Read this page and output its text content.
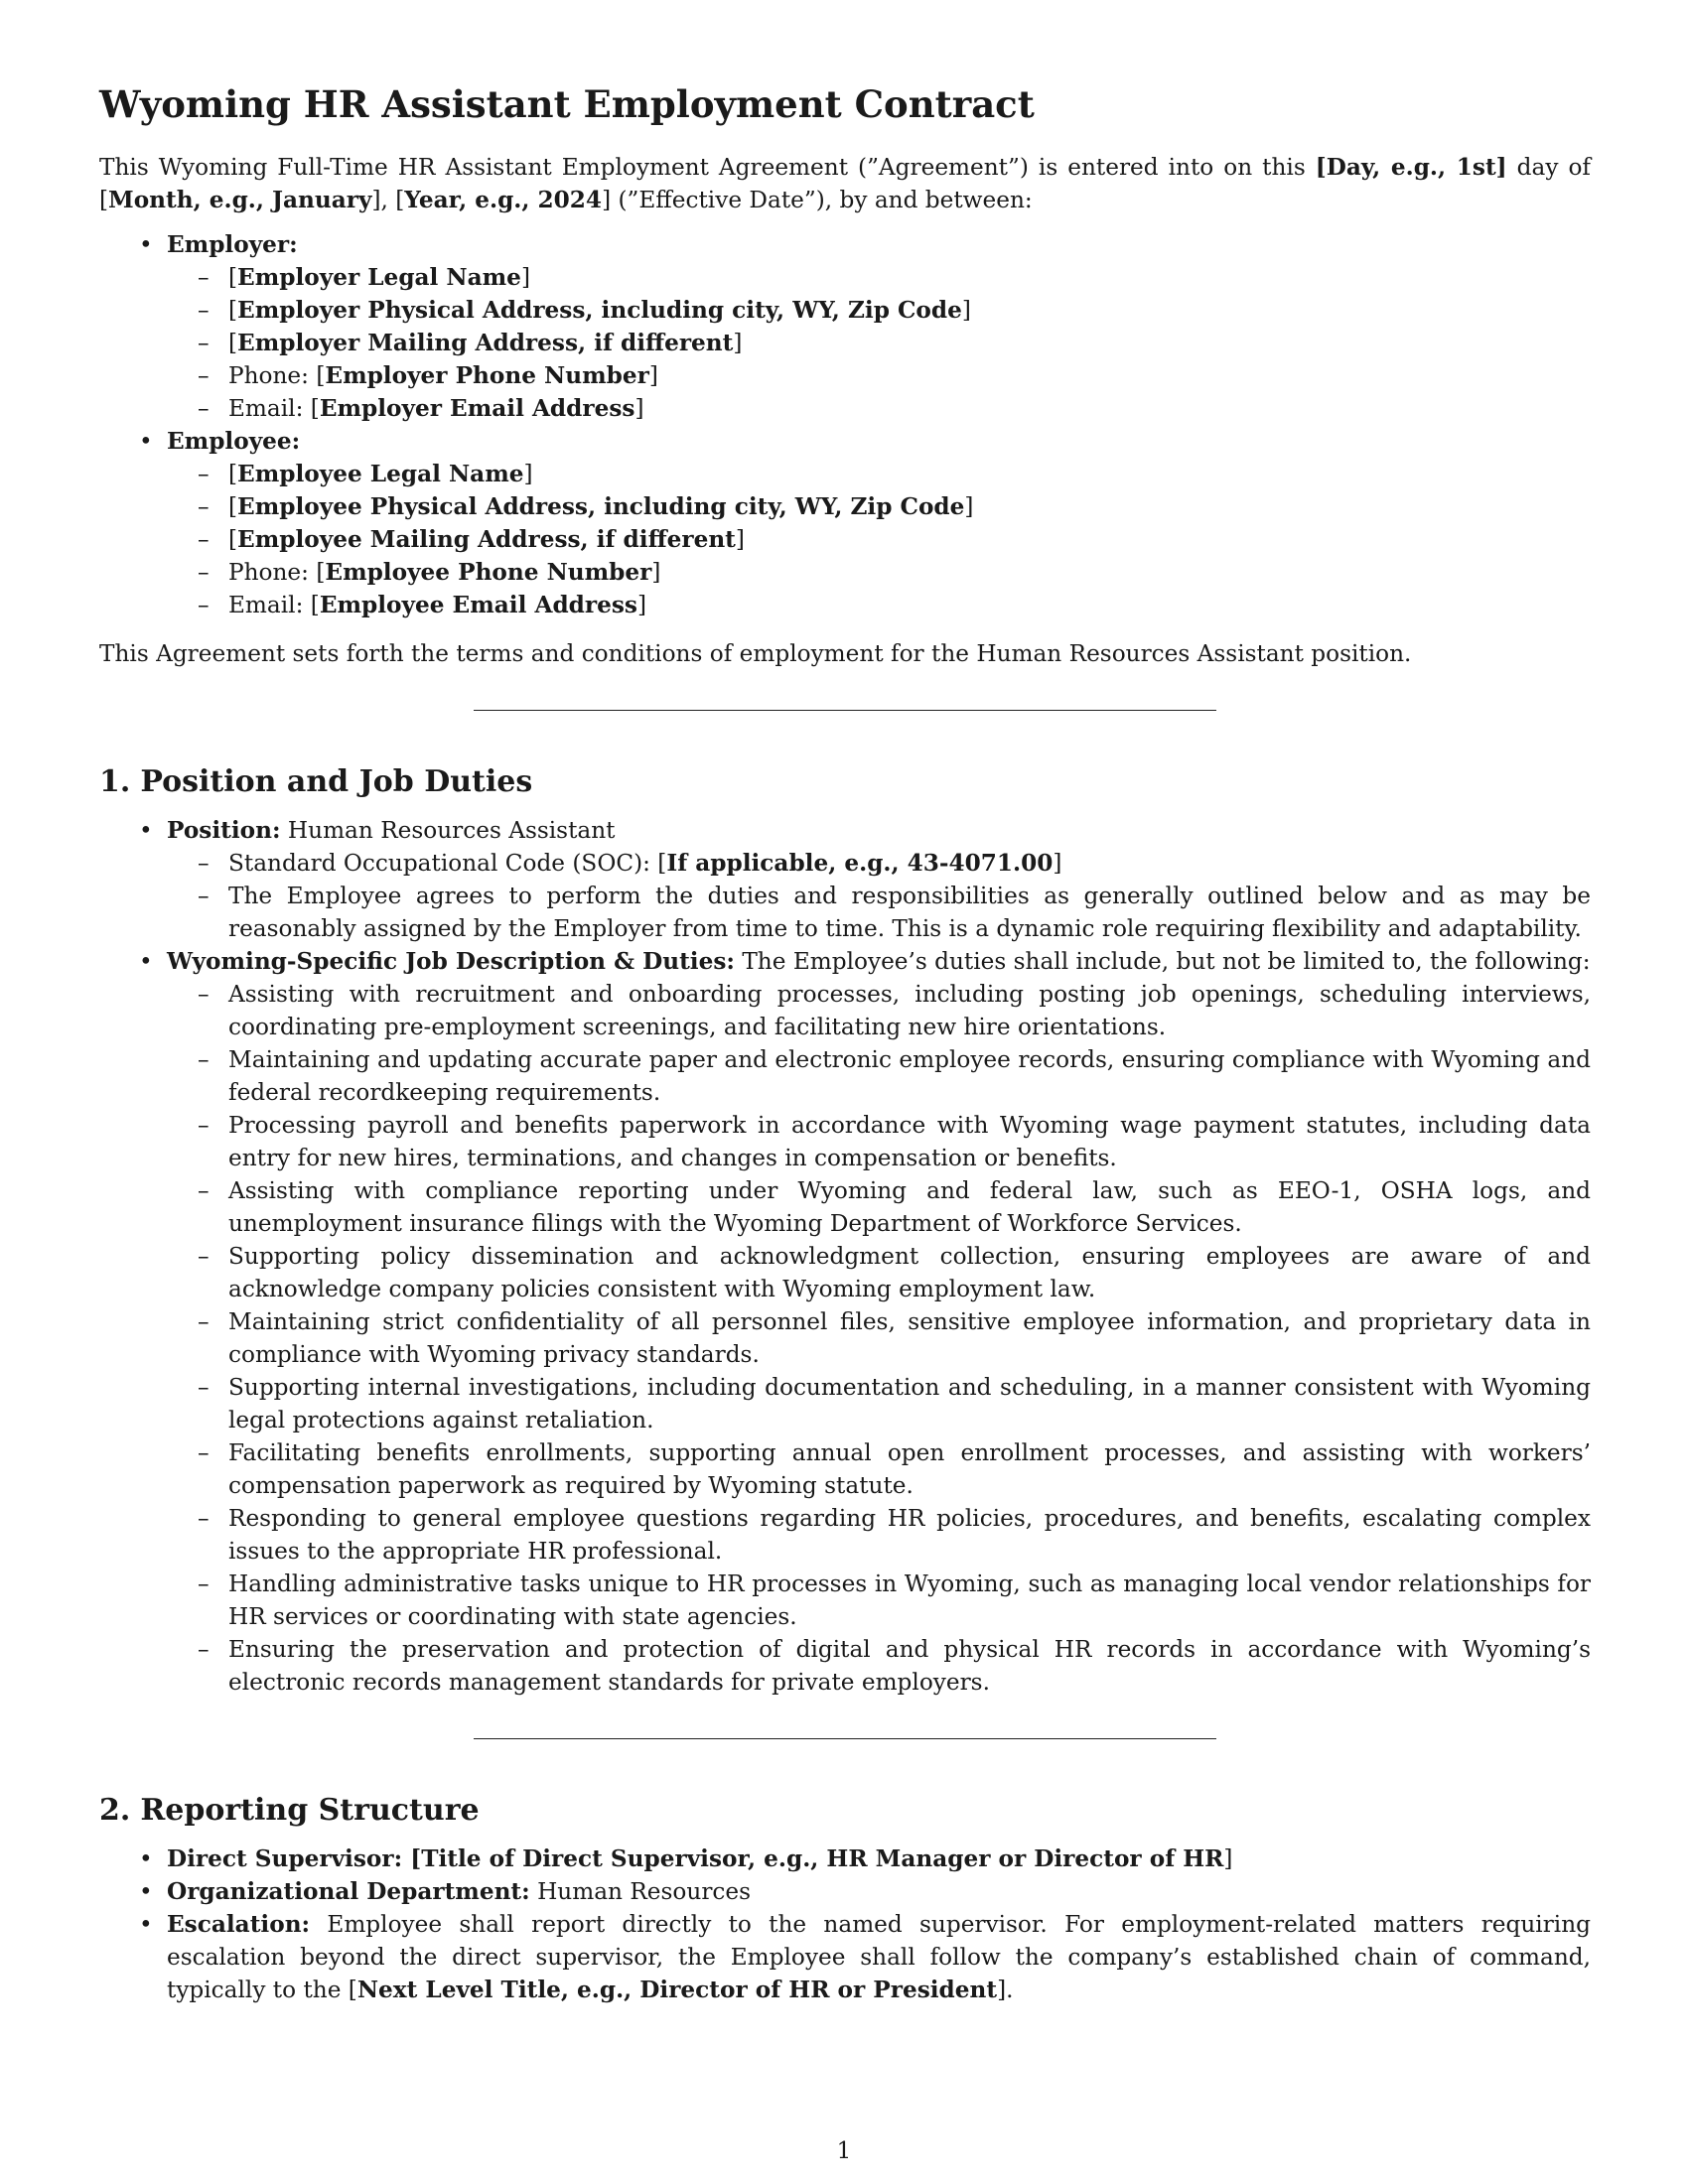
Wyoming HR Assistant Employment Contract

This Wyoming Full-Time HR Assistant Employment Agreement (”Agreement”) is entered into on this [Day, e.g., 1st] day of [Month, e.g., January], [Year, e.g., 2024] (”Effective Date”), by and between:

• Employer:
– [Employer Legal Name]
– [Employer Physical Address, including city, WY, Zip Code]
– [Employer Mailing Address, if different]
– Phone: [Employer Phone Number]
– Email: [Employer Email Address]
• Employee:
– [Employee Legal Name]
– [Employee Physical Address, including city, WY, Zip Code]
– [Employee Mailing Address, if different]
– Phone: [Employee Phone Number]
– Email: [Employee Email Address]

This Agreement sets forth the terms and conditions of employment for the Human Resources Assistant position.

1. Position and Job Duties
• Position: Human Resources Assistant
– Standard Occupational Code (SOC): [If applicable, e.g., 43-4071.00]
– The Employee agrees to perform the duties and responsibilities as generally outlined below and as may be reasonably assigned by the Employer from time to time. This is a dynamic role requiring flexibility and adaptability.
• Wyoming-Specific Job Description & Duties: The Employee’s duties shall include, but not be limited to, the following:
– Assisting with recruitment and onboarding processes, including posting job openings, scheduling interviews, coordinating pre-employment screenings, and facilitating new hire orientations.
– Maintaining and updating accurate paper and electronic employee records, ensuring compliance with Wyoming and federal recordkeeping requirements.
– Processing payroll and benefits paperwork in accordance with Wyoming wage payment statutes, including data entry for new hires, terminations, and changes in compensation or benefits.
– Assisting with compliance reporting under Wyoming and federal law, such as EEO-1, OSHA logs, and unemployment insurance filings with the Wyoming Department of Workforce Services.
– Supporting policy dissemination and acknowledgment collection, ensuring employees are aware of and acknowledge company policies consistent with Wyoming employment law.
– Maintaining strict confidentiality of all personnel files, sensitive employee information, and proprietary data in compliance with Wyoming privacy standards.
– Supporting internal investigations, including documentation and scheduling, in a manner consistent with Wyoming legal protections against retaliation.
– Facilitating benefits enrollments, supporting annual open enrollment processes, and assisting with workers’ compensation paperwork as required by Wyoming statute.
– Responding to general employee questions regarding HR policies, procedures, and benefits, escalating complex issues to the appropriate HR professional.
– Handling administrative tasks unique to HR processes in Wyoming, such as managing local vendor relationships for HR services or coordinating with state agencies.
– Ensuring the preservation and protection of digital and physical HR records in accordance with Wyoming’s electronic records management standards for private employers.
2. Reporting Structure
• Direct Supervisor: [Title of Direct Supervisor, e.g., HR Manager or Director of HR]
• Organizational Department: Human Resources
• Escalation: Employee shall report directly to the named supervisor. For employment-related matters requiring escalation beyond the direct supervisor, the Employee shall follow the company’s established chain of command, typically to the [Next Level Title, e.g., Director of HR or President].
1
